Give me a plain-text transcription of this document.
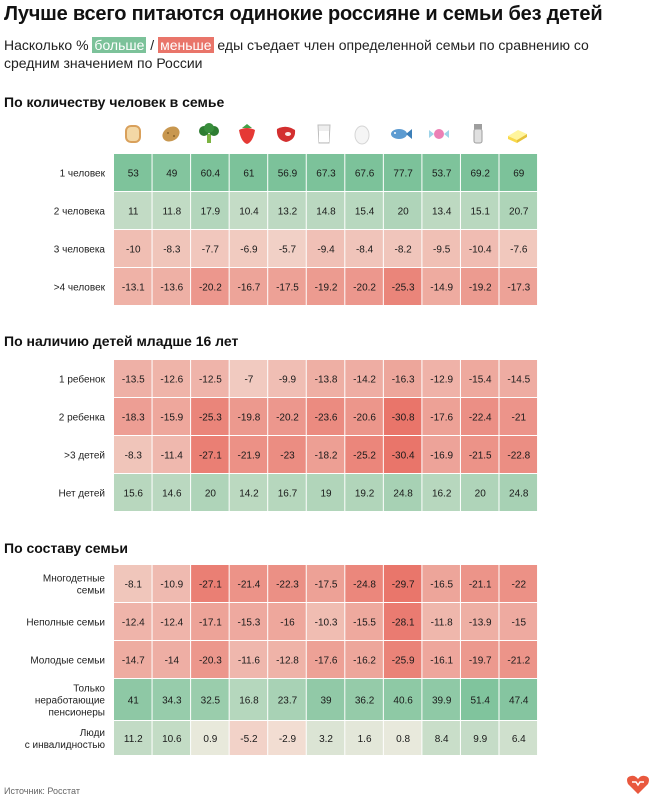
Лучше всего питаются одинокие россияне и семьи без детей
Насколько % больше / меньше еды съедает член определенной семьи по сравнению со средним значением по России
По количеству человек в семье
По наличию детей младше 16 лет
По составу семьи
53	49 60.4 61 56.9 67.3 67.6 77.7 53.7 69.2 69
11 11.8 17.9 10.4 13.2 14.8 15.4 20 13.4 15.1 20.7
-10 -8.3 -7.7 -6.9 -5.7 -9.4 -8.4 -8.2 -9.5 -10.4 -7.6
-13.1 -13.6 -20.2 -16.7 -17.5 -19.2 -20.2 -25.3 -14.9 -19.2 -17.3
-13.5 -12.6 -12.5 -7	-9.9 -13.8 -14.2 -16.3 -12.9 -15.4 -14.5
-18.3 -15.9 -25.3 -19.8 -20.2 -23.6 -20.6 -30.8 -17.6 -22.4 -21
-8.3 -11.4 -27.1 -21.9 -23 -18.2 -25.2 -30.4 -16.9 -21.5 -22.8
15.6 14.6 20 14.2 16.7 19 19.2 24.8 16.2 20 24.8
-8.1 -10.9 -27.1 -21.4 -22.3 -17.5 -24.8 -29.7 -16.5 -21.1 -22
-12.4 -12.4 -17.1 -15.3 -16 -10.3 -15.5 -28.1 -11.8 -13.9 -15
-14.7 -14 -20.3 -11.6 -12.8 -17.6 -16.2 -25.9 -16.1 -19.7 -21.2
41 34.3 32.5 16.8 23.7 39 36.2 40.6 39.9 51.4 47.4
11.2 10.6 0.9 -5.2 -2.9 3.2 1.6 0.8 8.4 9.9 6.4
1 человек
2 человека
3 человека
>4 человек
1 ребенок
2 ребенка
>3 детей
Нет детей
Многодетные
семьи
Неполные семьи
Молодые семьи
Только
неработающие
пенсионеры
Люди
с инвалидностью
Источник: Росстат
